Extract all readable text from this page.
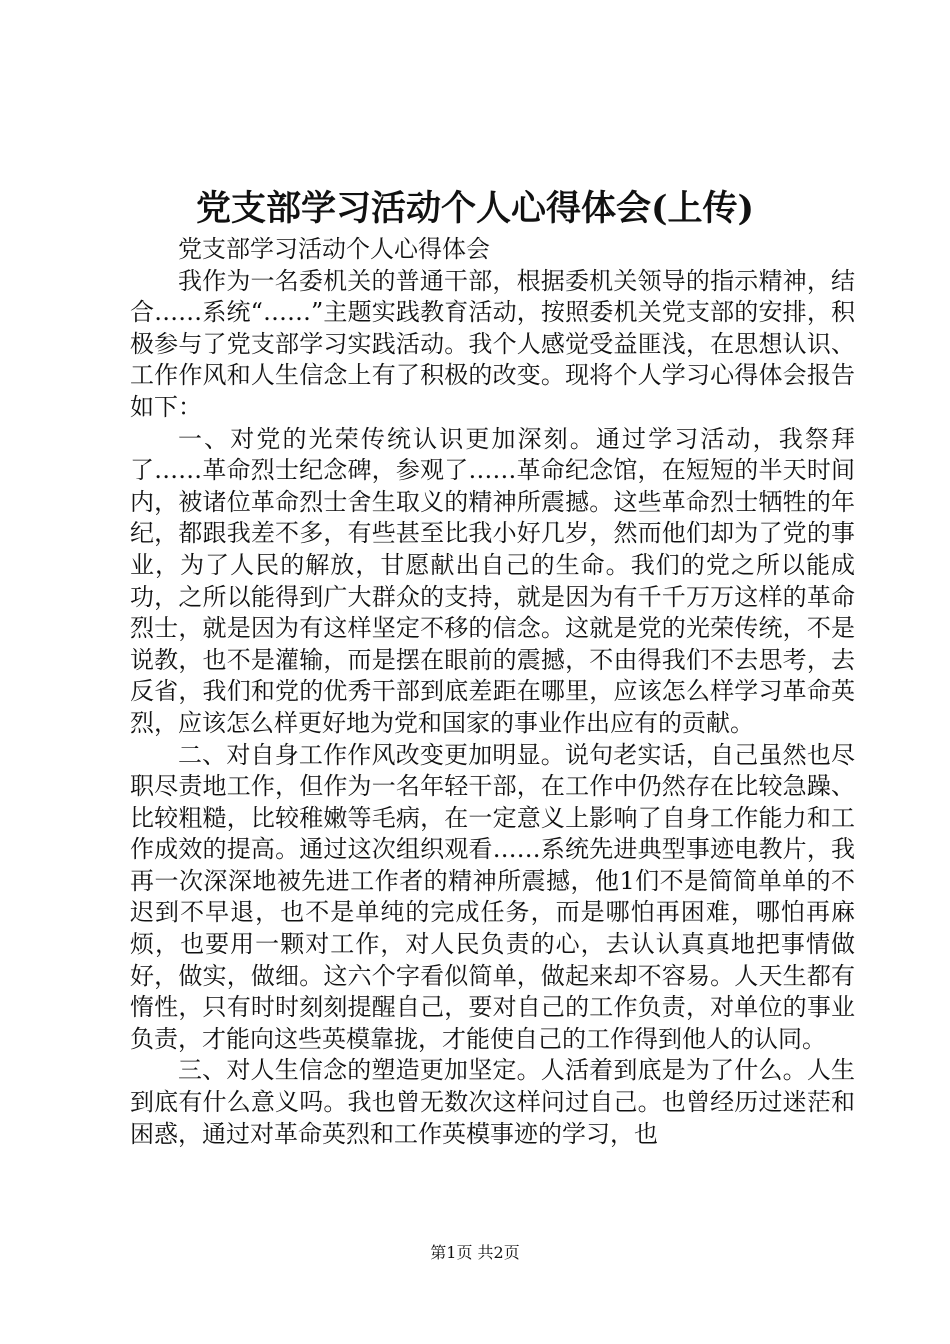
党支部学习活动个人心得体会(上传)

党支部学习活动个人心得体会

我作为一名委机关的普通干部，根据委机关领导的指示精神，结合……系统“……”主题实践教育活动，按照委机关党支部的安排，积极参与了党支部学习实践活动。我个人感觉受益匪浅，在思想认识、工作作风和人生信念上有了积极的改变。现将个人学习心得体会报告如下：

一、对党的光荣传统认识更加深刻。通过学习活动，我祭拜了……革命烈士纪念碑，参观了……革命纪念馆，在短短的半天时间内，被诸位革命烈士舍生取义的精神所震撼。这些革命烈士牺牲的年纪，都跟我差不多，有些甚至比我小好几岁，然而他们却为了党的事业，为了人民的解放，甘愿献出自己的生命。我们的党之所以能成功，之所以能得到广大群众的支持，就是因为有千千万万这样的革命烈士，就是因为有这样坚定不移的信念。这就是党的光荣传统，不是说教，也不是灌输，而是摆在眼前的震撼，不由得我们不去思考，去反省，我们和党的优秀干部到底差距在哪里，应该怎么样学习革命英烈，应该怎么样更好地为党和国家的事业作出应有的贡献。

二、对自身工作作风改变更加明显。说句老实话，自己虽然也尽职尽责地工作，但作为一名年轻干部，在工作中仍然存在比较急躁、比较粗糙，比较稚嫩等毛病，在一定意义上影响了自身工作能力和工作成效的提高。通过这次组织观看……系统先进典型事迹电教片，我再一次深深地被先进工作者的精神所震撼，他1们不是简简单单的不迟到不早退，也不是单纯的完成任务，而是哪怕再困难，哪怕再麻烦，也要用一颗对工作，对人民负责的心，去认认真真地把事情做好，做实，做细。这六个字看似简单，做起来却不容易。人天生都有惰性，只有时时刻刻提醒自己，要对自己的工作负责，对单位的事业负责，才能向这些英模靠拢，才能使自己的工作得到他人的认同。

三、对人生信念的塑造更加坚定。人活着到底是为了什么。人生到底有什么意义吗。我也曾无数次这样问过自己。也曾经历过迷茫和困惑，通过对革命英烈和工作英模事迹的学习，也

第1页 共2页
